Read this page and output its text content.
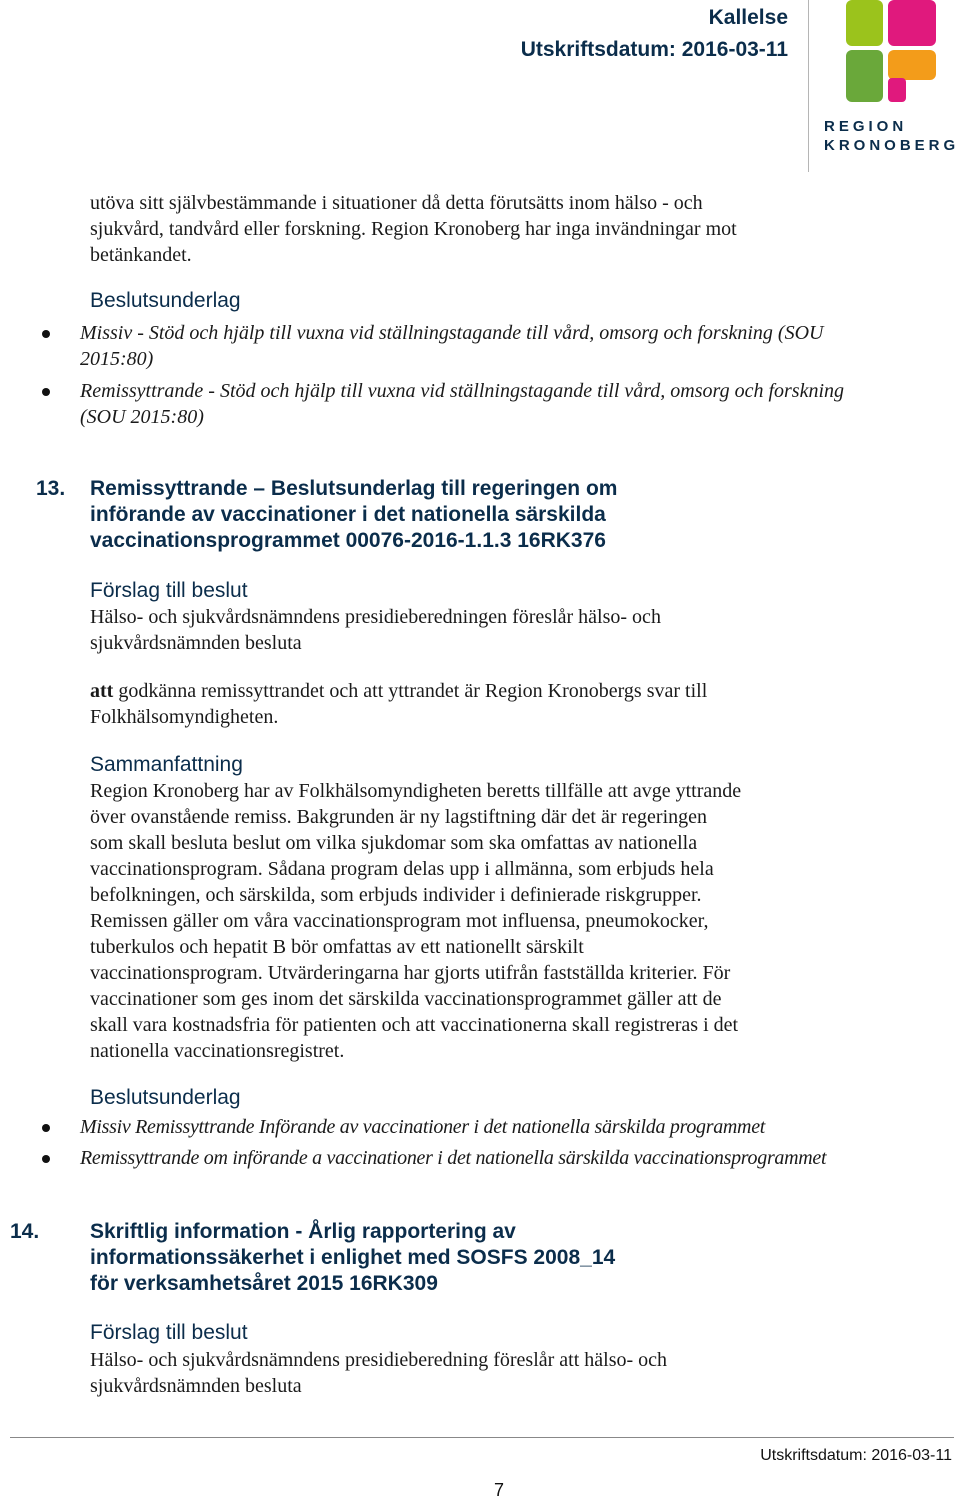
Kallelse
Utskriftsdatum: 2016-03-11
REGION
KRONOBERG
utöva sitt självbestämmande i situationer då detta förutsätts inom hälso - och
sjukvård, tandvård eller forskning. Region Kronoberg har inga invändningar mot
betänkandet.
Beslutsunderlag
Missiv - Stöd och hjälp till vuxna vid ställningstagande till vård, omsorg och forskning (SOU
2015:80)
Remissyttrande - Stöd och hjälp till vuxna vid ställningstagande till vård, omsorg och forskning
(SOU 2015:80)
13. Remissyttrande – Beslutsunderlag till regeringen om
införande av vaccinationer i det nationella särskilda
vaccinationsprogrammet 00076-2016-1.1.3 16RK376
Förslag till beslut
Hälso- och sjukvårdsnämndens presidieberedningen föreslår hälso- och
sjukvårdsnämnden besluta
att godkänna remissyttrandet och att yttrandet är Region Kronobergs svar till
Folkhälsomyndigheten.
Sammanfattning
Region Kronoberg har av Folkhälsomyndigheten beretts tillfälle att avge yttrande
över ovanstående remiss. Bakgrunden är ny lagstiftning där det är regeringen
som skall besluta beslut om vilka sjukdomar som ska omfattas av nationella
vaccinationsprogram. Sådana program delas upp i allmänna, som erbjuds hela
befolkningen, och särskilda, som erbjuds individer i definierade riskgrupper.
Remissen gäller om våra vaccinationsprogram mot influensa, pneumokocker,
tuberkulos och hepatit B bör omfattas av ett nationellt särskilt
vaccinationsprogram. Utvärderingarna har gjorts utifrån fastställda kriterier. För
vaccinationer som ges inom det särskilda vaccinationsprogrammet gäller att de
skall vara kostnadsfria för patienten och att vaccinationerna skall registreras i det
nationella vaccinationsregistret.
Beslutsunderlag
Missiv Remissyttrande Införande av vaccinationer i det nationella särskilda programmet
Remissyttrande om införande a vaccinationer i det nationella särskilda vaccinationsprogrammet
14. Skriftlig information - Årlig rapportering av
informationssäkerhet i enlighet med SOSFS 2008_14
för verksamhetsåret 2015 16RK309
Förslag till beslut
Hälso- och sjukvårdsnämndens presidieberedning föreslår att hälso- och
sjukvårdsnämnden besluta
Utskriftsdatum: 2016-03-11
7
